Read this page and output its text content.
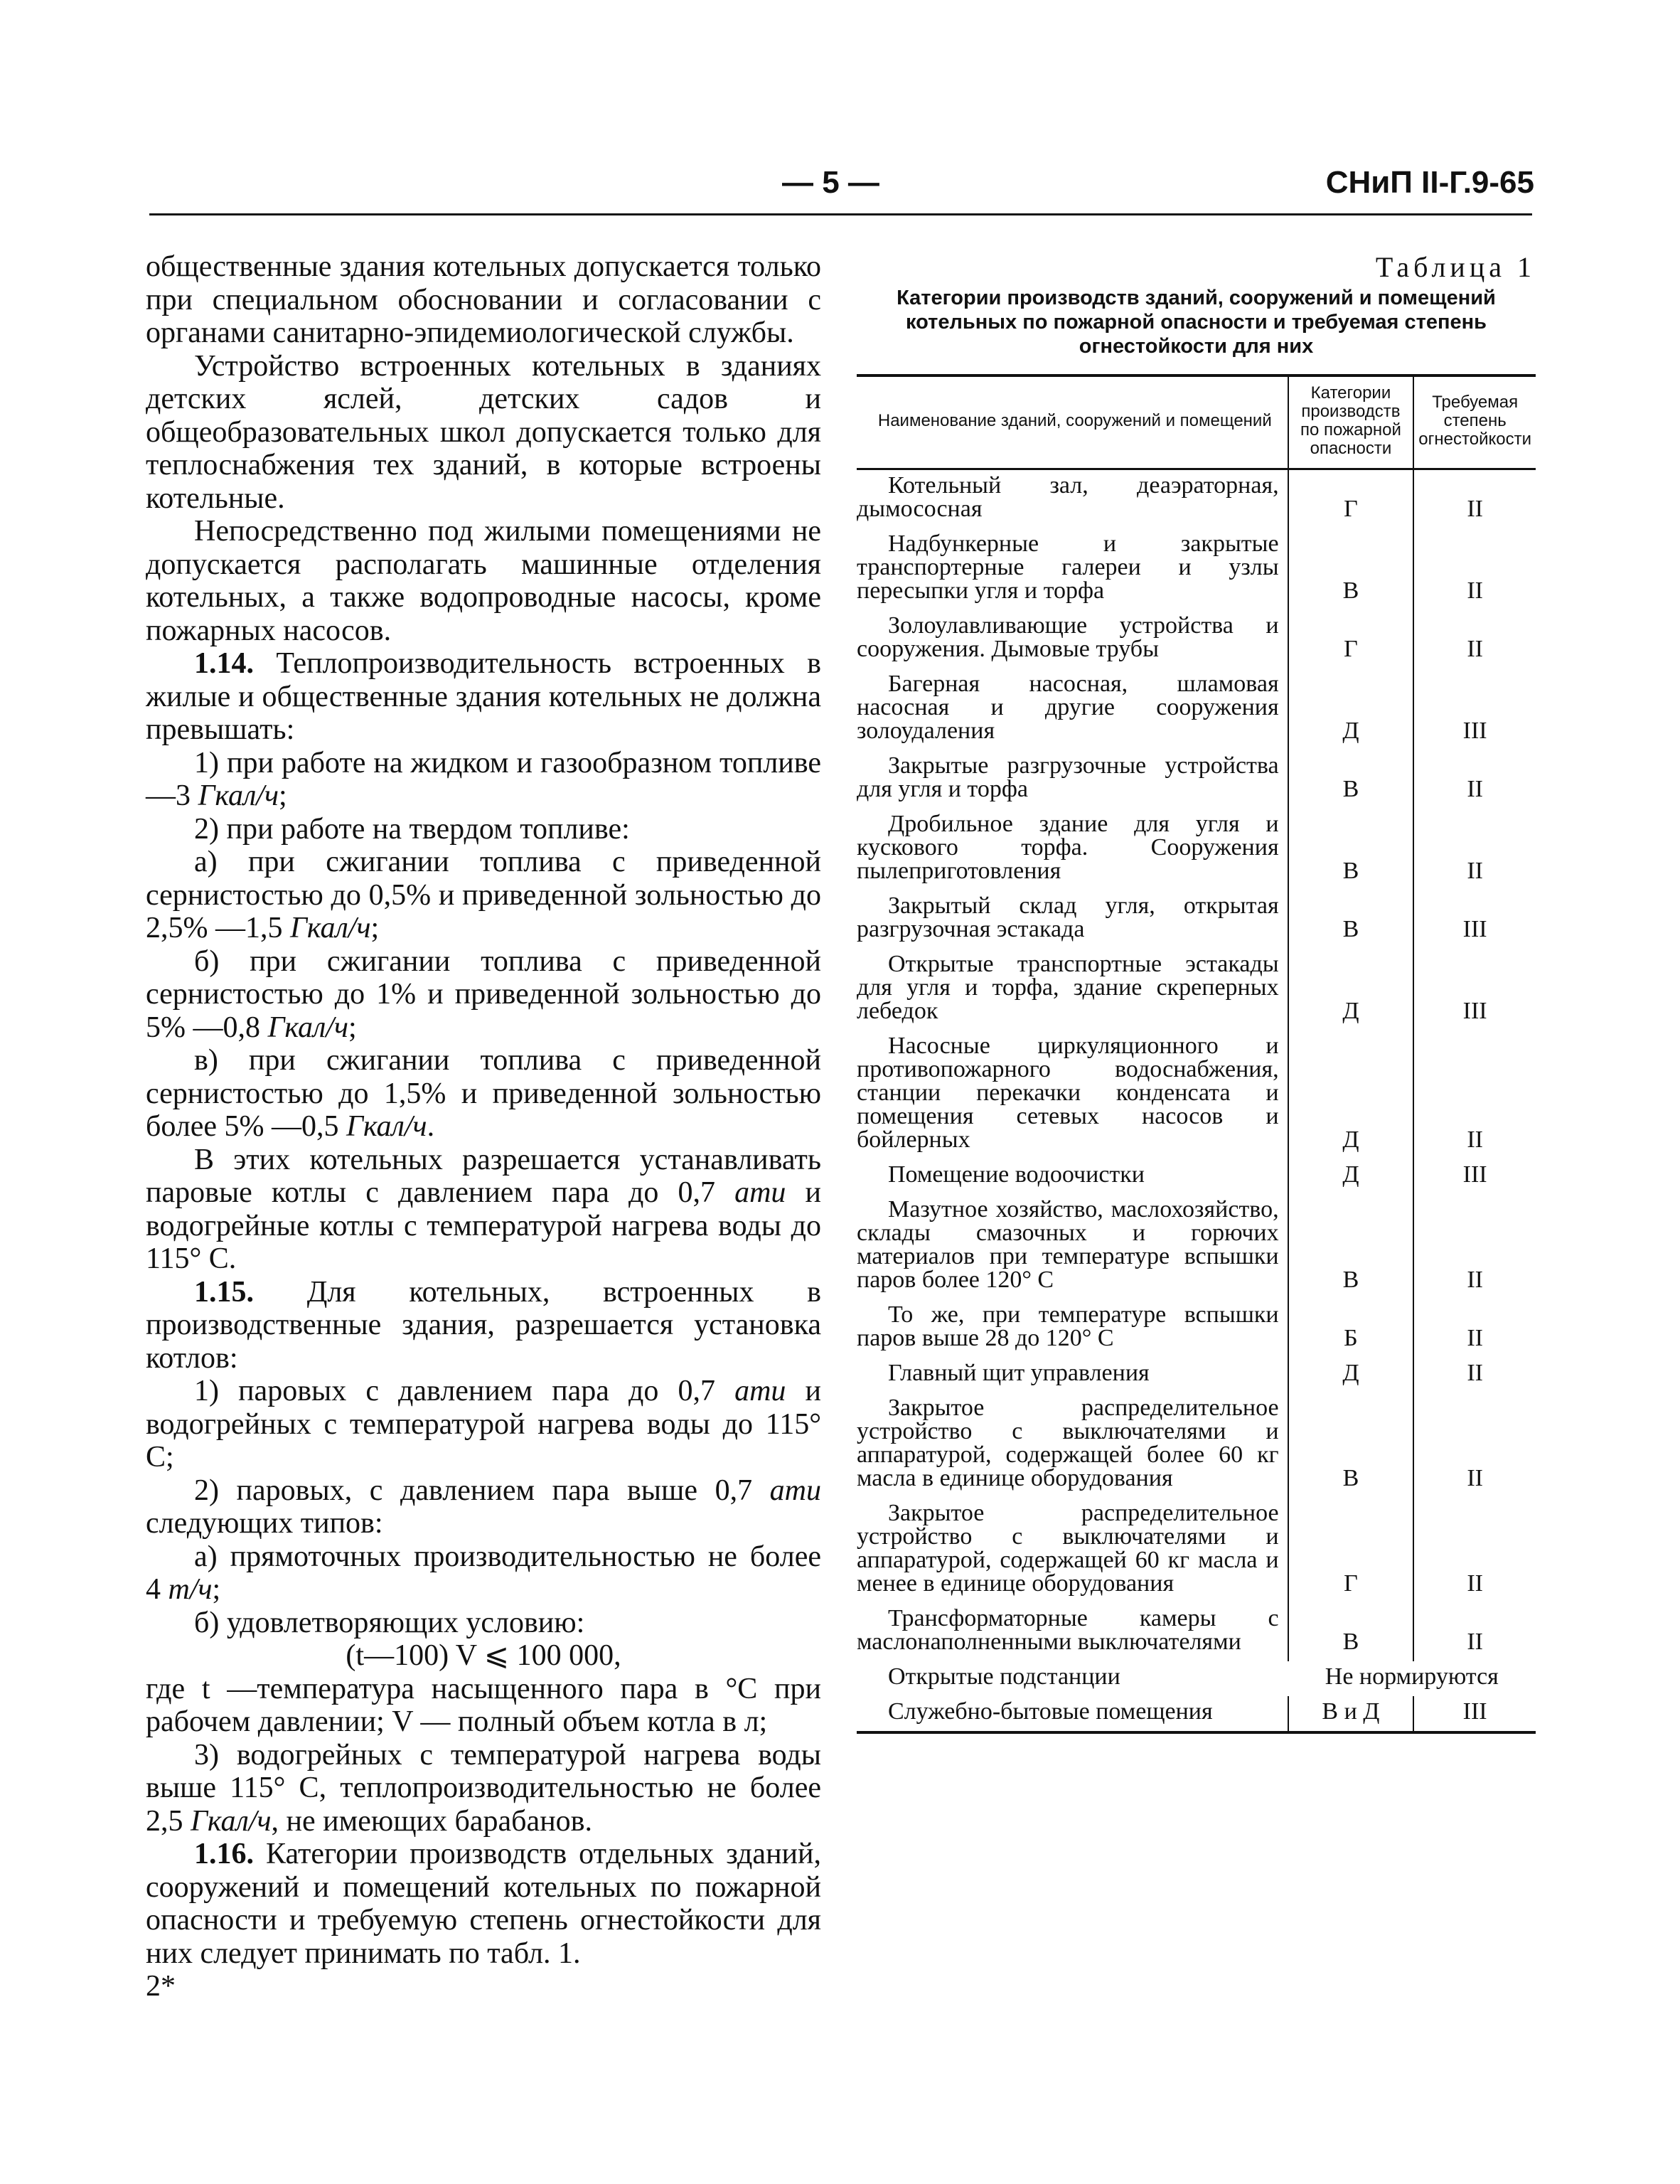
— 5 —	СНиП II-Г.9-65

общественные здания котельных допускается только при специальном обосновании и согласовании с органами санитарно-эпидемиологической службы.

Устройство встроенных котельных в зданиях детских яслей, детских садов и общеобразовательных школ допускается только для теплоснабжения тех зданий, в которые встроены котельные.

Непосредственно под жилыми помещениями не допускается располагать машинные отделения котельных, а также водопроводные насосы, кроме пожарных насосов.

1.14. Теплопроизводительность встроенных в жилые и общественные здания котельных не должна превышать:

1) при работе на жидком и газообразном топливе—3 Гкал/ч;

2) при работе на твердом топливе:

а) при сжигании топлива с приведенной сернистостью до 0,5% и приведенной зольностью до 2,5% —1,5 Гкал/ч;

б) при сжигании топлива с приведенной сернистостью до 1% и приведенной зольностью до 5% —0,8 Гкал/ч;

в) при сжигании топлива с приведенной сернистостью до 1,5% и приведенной зольностью более 5% —0,5 Гкал/ч.

В этих котельных разрешается устанавливать паровые котлы с давлением пара до 0,7 ати и водогрейные котлы с температурой нагрева воды до 115° С.

1.15. Для котельных, встроенных в производственные здания, разрешается установка котлов:

1) паровых с давлением пара до 0,7 ати и водогрейных с температурой нагрева воды до 115° С;

2) паровых, с давлением пара выше 0,7 ати следующих типов:

а) прямоточных производительностью не более 4 т/ч;

б) удовлетворяющих условию:

(t—100) V ⩽ 100 000,

где t —температура насыщенного пара в °С при рабочем давлении; V — полный объем котла в л;

3) водогрейных с температурой нагрева воды выше 115° С, теплопроизводительностью не более 2,5 Гкал/ч, не имеющих барабанов.

1.16. Категории производств отдельных зданий, сооружений и помещений котельных по пожарной опасности и требуемую степень огнестойкости для них следует принимать по табл. 1.

2*

Таблица 1
Категории производств зданий, сооружений и помещений котельных по пожарной опасности и требуемая степень огнестойкости для них
Наименование зданий, сооружений и помещений	Категории производств по пожарной опасности	Требуемая степень огнестойкости

Котельный зал, деаэраторная, дымососная	Г	II

Надбункерные и закрытые транспортерные галереи и узлы пересыпки угля и торфа	В	II

Золоулавливающие устройства и сооружения. Дымовые трубы	Г	II

Багерная насосная, шламовая насосная и другие сооружения золоудаления	Д	III

Закрытые разгрузочные устройства для угля и торфа	В	II

Дробильное здание для угля и кускового торфа. Сооружения пылеприготовления	В	II

Закрытый склад угля, открытая разгрузочная эстакада	В	III

Открытые транспортные эстакады для угля и торфа, здание скреперных лебедок	Д	III

Насосные циркуляционного и противопожарного водоснабжения, станции перекачки конденсата и помещения сетевых насосов и бойлерных	Д	II

Помещение водоочистки	Д	III

Мазутное хозяйство, маслохозяйство, склады смазочных и горючих материалов при температуре вспышки паров более 120° С	В	II

То же, при температуре вспышки паров выше 28 до 120° С	Б	II

Главный щит управления	Д	II

Закрытое распределительное устройство с выключателями и аппаратурой, содержащей более 60 кг масла в единице оборудования	В	II

Закрытое распределительное устройство с выключателями и аппаратурой, содержащей 60 кг масла и менее в единице оборудования	Г	II

Трансформаторные камеры с маслонаполненными выключателями	В	II

Открытые подстанции	Не нормируются	

Служебно-бытовые помещения	В и Д	III
